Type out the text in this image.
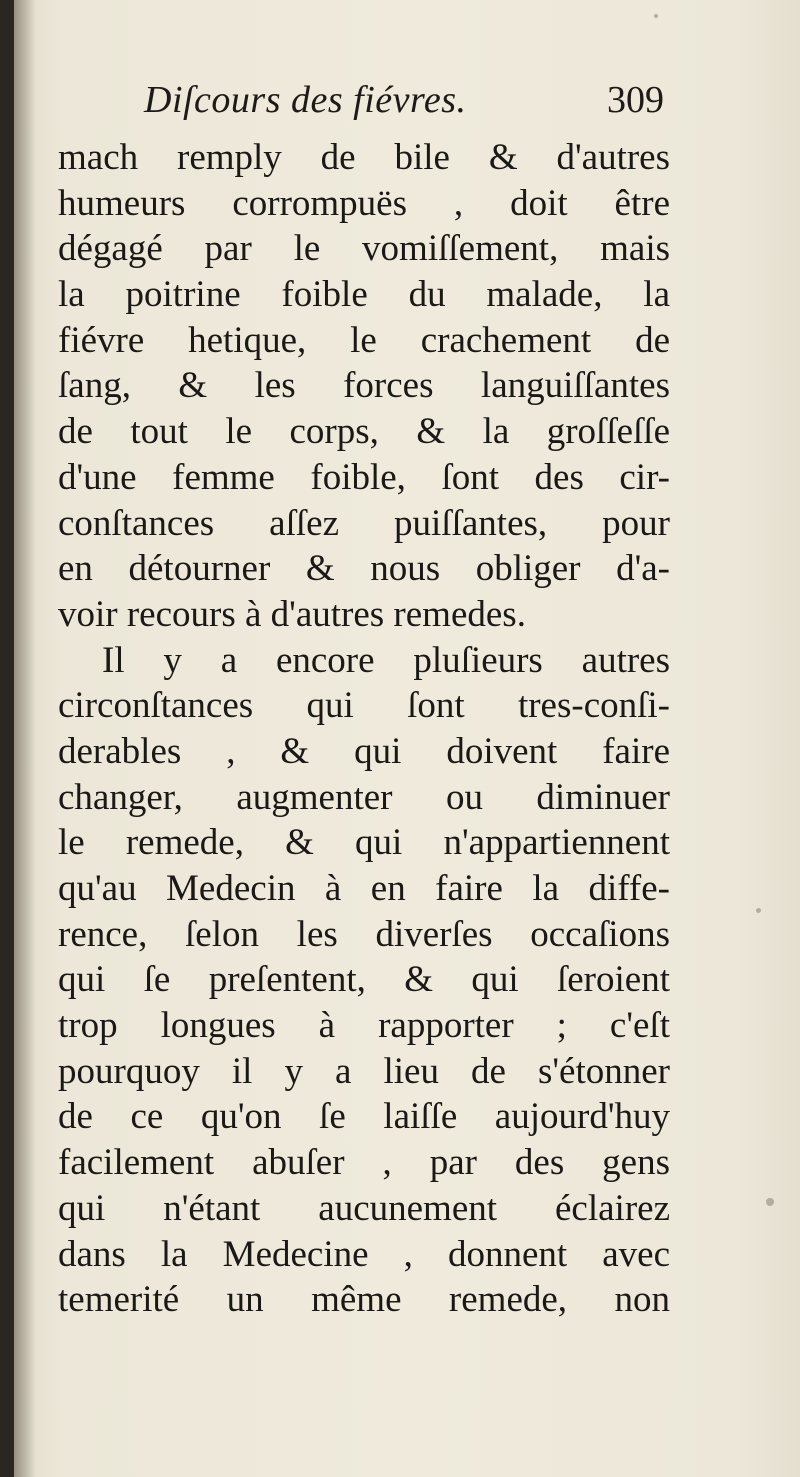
Diſcours des fiévres.	309
mach remply de bile & d'autres
humeurs corrompuës , doit être
dégagé par le vomiſſement, mais
la poitrine foible du malade, la
fiévre hetique, le crachement de
ſang, & les forces languiſſantes
de tout le corps, & la groſſeſſe
d'une femme foible, ſont des cir-
conſtances aſſez puiſſantes, pour
en détourner & nous obliger d'a-
voir recours à d'autres remedes.
Il y a encore pluſieurs autres
circonſtances qui ſont tres-conſi-
derables , & qui doivent faire
changer, augmenter ou diminuer
le remede, & qui n'appartiennent
qu'au Medecin à en faire la diffe-
rence, ſelon les diverſes occaſions
qui ſe preſentent, & qui ſeroient
trop longues à rapporter ; c'eſt
pourquoy il y a lieu de s'étonner
de ce qu'on ſe laiſſe aujourd'huy
facilement abuſer , par des gens
qui n'étant aucunement éclairez
dans la Medecine , donnent avec
temerité un même remede, non
